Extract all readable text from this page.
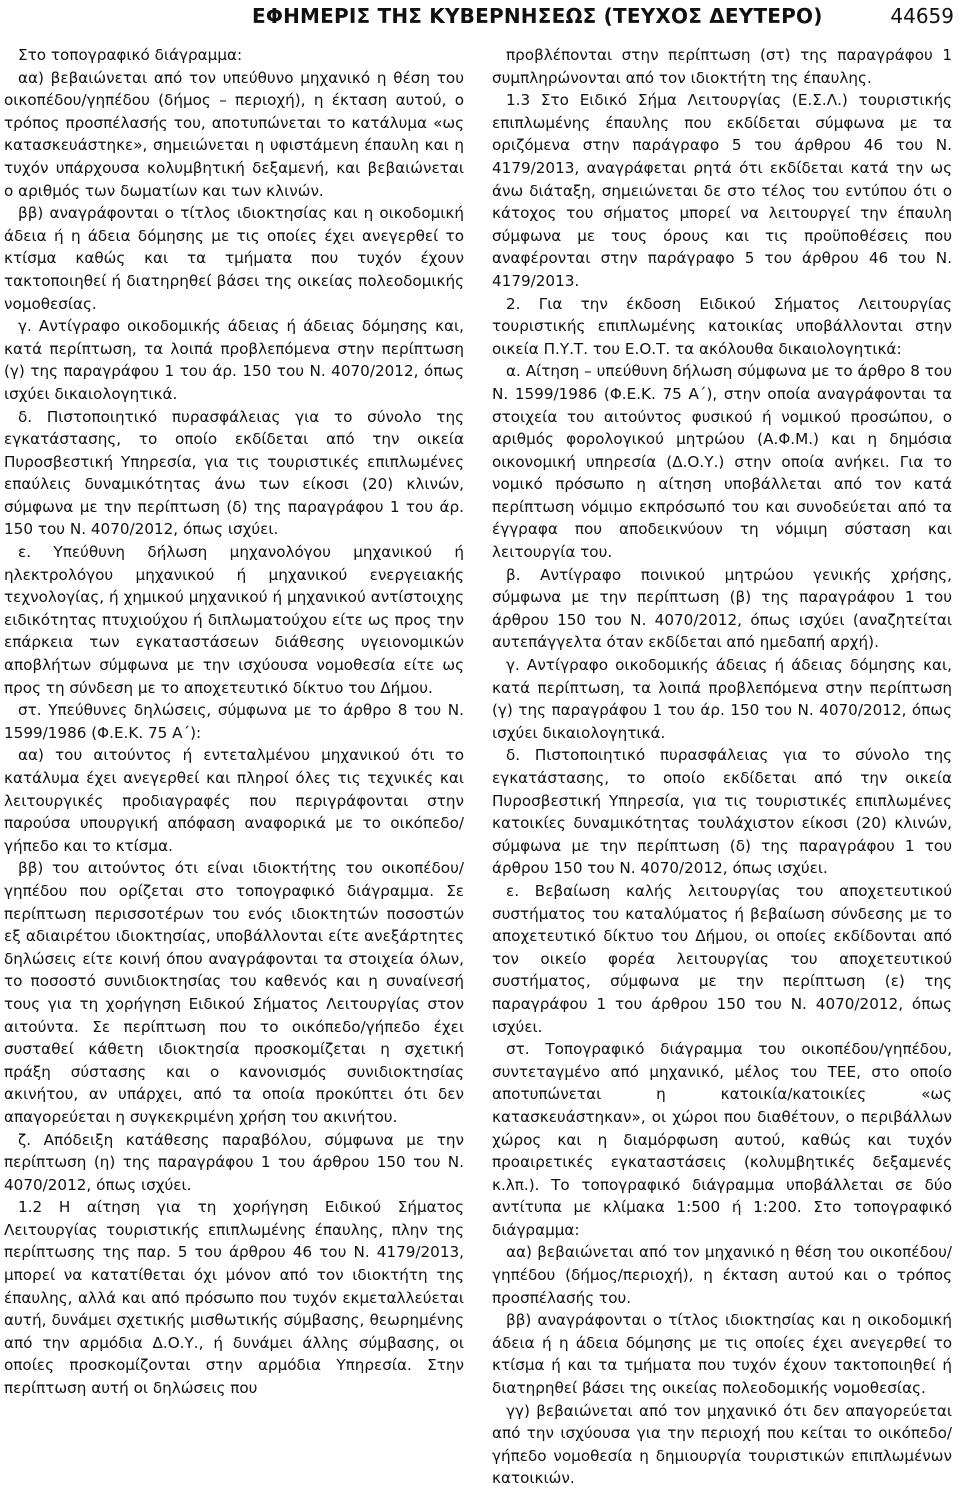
ΕΦΗΜΕΡΙΣ ΤΗΣ ΚΥΒΕΡΝΗΣΕΩΣ (ΤΕΥΧΟΣ ΔΕΥΤΕΡΟ)	44659

Στο τοπογραφικό διάγραμμα:

αα) βεβαιώνεται από τον υπεύθυνο μηχανικό η θέση του οικοπέδου/γηπέδου (δήμος – περιοχή), η έκταση αυτού, ο τρόπος προσπέλασής του, αποτυπώνεται το κατάλυμα «ως κατασκευάστηκε», σημειώνεται η υφιστάμενη έπαυλη και η τυχόν υπάρχουσα κολυμβητική δεξαμενή, και βεβαιώνεται ο αριθμός των δωματίων και των κλινών.

ββ) αναγράφονται ο τίτλος ιδιοκτησίας και η οικοδομική άδεια ή η άδεια δόμησης με τις οποίες έχει ανεγερθεί το κτίσμα καθώς και τα τμήματα που τυχόν έχουν τακτοποιηθεί ή διατηρηθεί βάσει της οικείας πολεοδομικής νομοθεσίας.

γ. Αντίγραφο οικοδομικής άδειας ή άδειας δόμησης και, κατά περίπτωση, τα λοιπά προβλεπόμενα στην περίπτωση (γ) της παραγράφου 1 του άρ. 150 του Ν. 4070/2012, όπως ισχύει δικαιολογητικά.

δ. Πιστοποιητικό πυρασφάλειας για το σύνολο της εγκατάστασης, το οποίο εκδίδεται από την οικεία Πυροσβεστική Υπηρεσία, για τις τουριστικές επιπλωμένες επαύλεις δυναμικότητας άνω των είκοσι (20) κλινών, σύμφωνα με την περίπτωση (δ) της παραγράφου 1 του άρ. 150 του Ν. 4070/2012, όπως ισχύει.

ε. Υπεύθυνη δήλωση μηχανολόγου μηχανικού ή ηλεκτρολόγου μηχανικού ή μηχανικού ενεργειακής τεχνολογίας, ή χημικού μηχανικού ή μηχανικού αντίστοιχης ειδικότητας πτυχιούχου ή διπλωματούχου είτε ως προς την επάρκεια των εγκαταστάσεων διάθεσης υγειονομικών αποβλήτων σύμφωνα με την ισχύουσα νομοθεσία είτε ως προς τη σύνδεση με το αποχετευτικό δίκτυο του Δήμου.

στ. Υπεύθυνες δηλώσεις, σύμφωνα με το άρθρο 8 του Ν. 1599/1986 (Φ.Ε.Κ. 75 Α΄):

αα) του αιτούντος ή εντεταλμένου μηχανικού ότι το κατάλυμα έχει ανεγερθεί και πληροί όλες τις τεχνικές και λειτουργικές προδιαγραφές που περιγράφονται στην παρούσα υπουργική απόφαση αναφορικά με το οικόπεδο/γήπεδο και το κτίσμα.

ββ) του αιτούντος ότι είναι ιδιοκτήτης του οικοπέδου/γηπέδου που ορίζεται στο τοπογραφικό διάγραμμα. Σε περίπτωση περισσοτέρων του ενός ιδιοκτητών ποσοστών εξ αδιαιρέτου ιδιοκτησίας, υποβάλλονται είτε ανεξάρτητες δηλώσεις είτε κοινή όπου αναγράφονται τα στοιχεία όλων, το ποσοστό συνιδιοκτησίας του καθενός και η συναίνεσή τους για τη χορήγηση Ειδικού Σήματος Λειτουργίας στον αιτούντα. Σε περίπτωση που το οικόπεδο/γήπεδο έχει συσταθεί κάθετη ιδιοκτησία προσκομίζεται η σχετική πράξη σύστασης και ο κανονισμός συνιδιοκτησίας ακινήτου, αν υπάρχει, από τα οποία προκύπτει ότι δεν απαγορεύεται η συγκεκριμένη χρήση του ακινήτου.

ζ. Απόδειξη κατάθεσης παραβόλου, σύμφωνα με την περίπτωση (η) της παραγράφου 1 του άρθρου 150 του Ν. 4070/2012, όπως ισχύει.

1.2 Η αίτηση για τη χορήγηση Ειδικού Σήματος Λειτουργίας τουριστικής επιπλωμένης έπαυλης, πλην της περίπτωσης της παρ. 5 του άρθρου 46 του Ν. 4179/2013, μπορεί να κατατίθεται όχι μόνον από τον ιδιοκτήτη της έπαυλης, αλλά και από πρόσωπο που τυχόν εκμεταλλεύεται αυτή, δυνάμει σχετικής μισθωτικής σύμβασης, θεωρημένης από την αρμόδια Δ.Ο.Υ., ή δυνάμει άλλης σύμβασης, οι οποίες προσκομίζονται στην αρμόδια Υπηρεσία. Στην περίπτωση αυτή οι δηλώσεις που

προβλέπονται στην περίπτωση (στ) της παραγράφου 1 συμπληρώνονται από τον ιδιοκτήτη της έπαυλης.

1.3 Στο Ειδικό Σήμα Λειτουργίας (Ε.Σ.Λ.) τουριστικής επιπλωμένης έπαυλης που εκδίδεται σύμφωνα με τα οριζόμενα στην παράγραφο 5 του άρθρου 46 του Ν. 4179/2013, αναγράφεται ρητά ότι εκδίδεται κατά την ως άνω διάταξη, σημειώνεται δε στο τέλος του εντύπου ότι ο κάτοχος του σήματος μπορεί να λειτουργεί την έπαυλη σύμφωνα με τους όρους και τις προϋποθέσεις που αναφέρονται στην παράγραφο 5 του άρθρου 46 του Ν. 4179/2013.

2. Για την έκδοση Ειδικού Σήματος Λειτουργίας τουριστικής επιπλωμένης κατοικίας υποβάλλονται στην οικεία Π.Υ.Τ. του Ε.Ο.Τ. τα ακόλουθα δικαιολογητικά:

α. Αίτηση – υπεύθυνη δήλωση σύμφωνα με το άρθρο 8 του Ν. 1599/1986 (Φ.Ε.Κ. 75 Α΄), στην οποία αναγράφονται τα στοιχεία του αιτούντος φυσικού ή νομικού προσώπου, ο αριθμός φορολογικού μητρώου (Α.Φ.Μ.) και η δημόσια οικονομική υπηρεσία (Δ.Ο.Υ.) στην οποία ανήκει. Για το νομικό πρόσωπο η αίτηση υποβάλλεται από τον κατά περίπτωση νόμιμο εκπρόσωπό του και συνοδεύεται από τα έγγραφα που αποδεικνύουν τη νόμιμη σύσταση και λειτουργία του.

β. Αντίγραφο ποινικού μητρώου γενικής χρήσης, σύμφωνα με την περίπτωση (β) της παραγράφου 1 του άρθρου 150 του Ν. 4070/2012, όπως ισχύει (αναζητείται αυτεπάγγελτα όταν εκδίδεται από ημεδαπή αρχή).

γ. Αντίγραφο οικοδομικής άδειας ή άδειας δόμησης και, κατά περίπτωση, τα λοιπά προβλεπόμενα στην περίπτωση (γ) της παραγράφου 1 του άρ. 150 του Ν. 4070/2012, όπως ισχύει δικαιολογητικά.

δ. Πιστοποιητικό πυρασφάλειας για το σύνολο της εγκατάστασης, το οποίο εκδίδεται από την οικεία Πυροσβεστική Υπηρεσία, για τις τουριστικές επιπλωμένες κατοικίες δυναμικότητας τουλάχιστον είκοσι (20) κλινών, σύμφωνα με την περίπτωση (δ) της παραγράφου 1 του άρθρου 150 του Ν. 4070/2012, όπως ισχύει.

ε. Βεβαίωση καλής λειτουργίας του αποχετευτικού συστήματος του καταλύματος ή βεβαίωση σύνδεσης με το αποχετευτικό δίκτυο του Δήμου, οι οποίες εκδίδονται από τον οικείο φορέα λειτουργίας του αποχετευτικού συστήματος, σύμφωνα με την περίπτωση (ε) της παραγράφου 1 του άρθρου 150 του Ν. 4070/2012, όπως ισχύει.

στ. Τοπογραφικό διάγραμμα του οικοπέδου/γηπέδου, συντεταγμένο από μηχανικό, μέλος του ΤΕΕ, στο οποίο αποτυπώνεται η κατοικία/κατοικίες «ως κατασκευάστηκαν», οι χώροι που διαθέτουν, ο περιβάλλων χώρος και η διαμόρφωση αυτού, καθώς και τυχόν προαιρετικές εγκαταστάσεις (κολυμβητικές δεξαμενές κ.λπ.). Το τοπογραφικό διάγραμμα υποβάλλεται σε δύο αντίτυπα με κλίμακα 1:500 ή 1:200. Στο τοπογραφικό διάγραμμα:

αα) βεβαιώνεται από τον μηχανικό η θέση του οικοπέδου/γηπέδου (δήμος/περιοχή), η έκταση αυτού και ο τρόπος προσπέλασής του.

ββ) αναγράφονται ο τίτλος ιδιοκτησίας και η οικοδομική άδεια ή η άδεια δόμησης με τις οποίες έχει ανεγερθεί το κτίσμα ή και τα τμήματα που τυχόν έχουν τακτοποιηθεί ή διατηρηθεί βάσει της οικείας πολεοδομικής νομοθεσίας.

γγ) βεβαιώνεται από τον μηχανικό ότι δεν απαγορεύεται από την ισχύουσα για την περιοχή που κείται το οικόπεδο/γήπεδο νομοθεσία η δημιουργία τουριστικών επιπλωμένων κατοικιών.
